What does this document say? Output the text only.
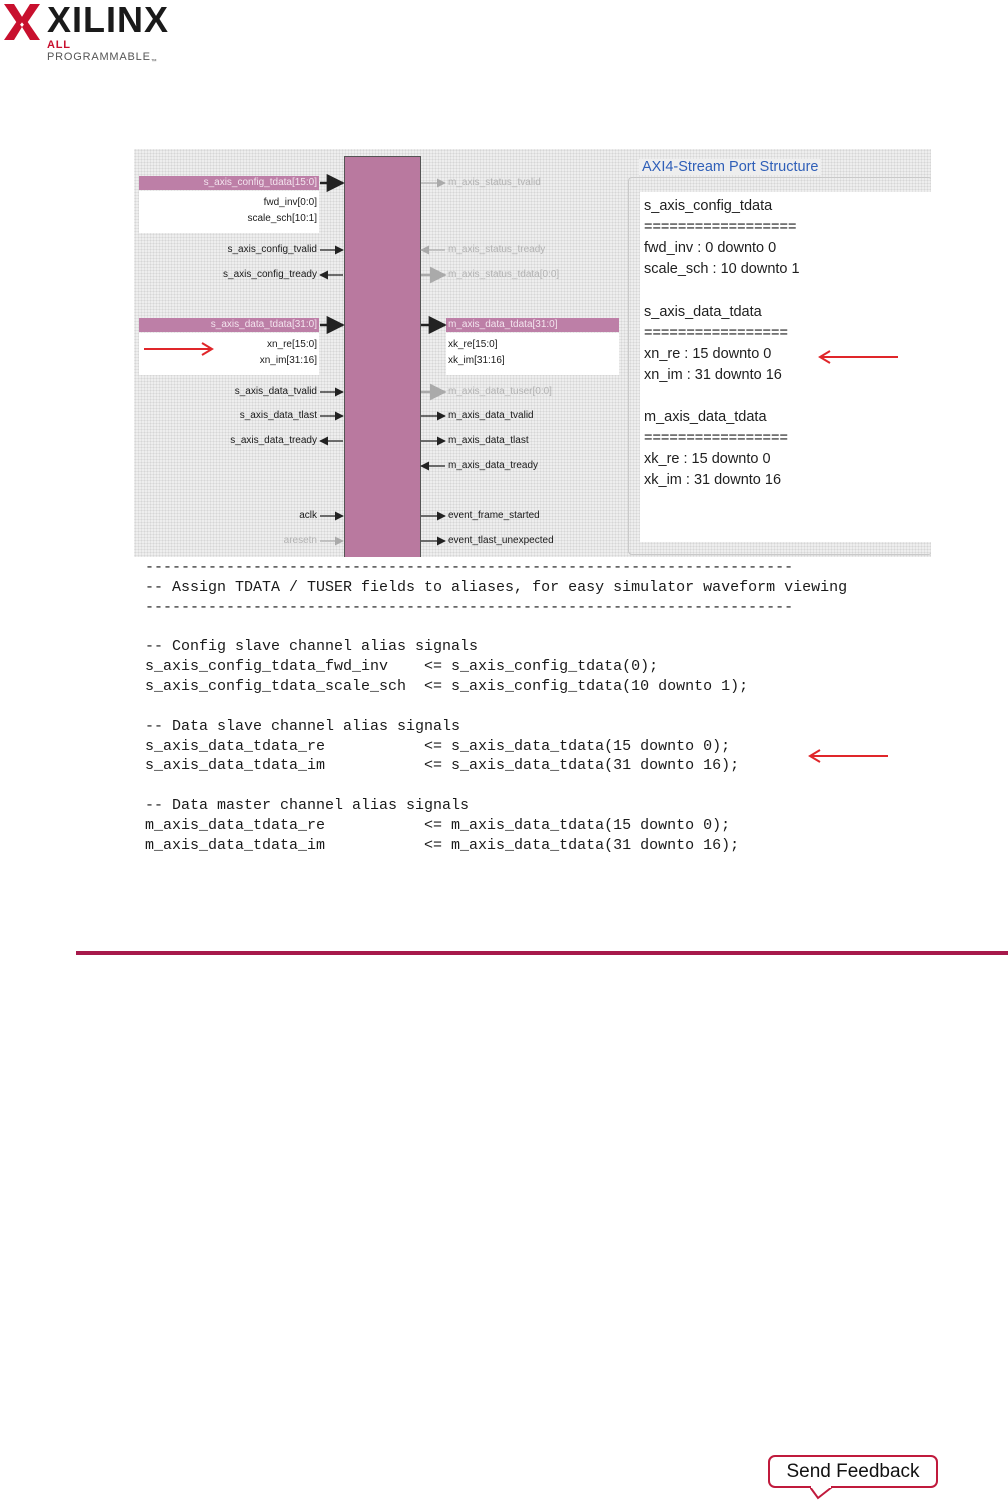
XILINX
ALL $PROGRAMMABLE_™$
s_axis_config_tdata[15:0]
fwd_inv[0:0]
scale_sch[10:1]
s_axis_config_tvalid
s_axis_config_tready
s_axis_data_tdata[31:0]
xn_re[15:0]
xn_im[31:16]
s_axis_data_tvalid
s_axis_data_tlast
s_axis_data_tready
aclk
aresetn
m_axis_status_tvalid
m_axis_status_tready
m_axis_status_tdata[0:0]
m_axis_data_tdata[31:0]
xk_re[15:0]
xk_im[31:16]
m_axis_data_tuser[0:0]
m_axis_data_tvalid
m_axis_data_tlast
m_axis_data_tready
event_frame_started
event_tlast_unexpected
AXI4-Stream Port Structure
s_axis_config_tdata
==================
fwd_inv : 0 downto 0
scale_sch : 10 downto 1
s_axis_data_tdata
=================
xn_re : 15 downto 0
xn_im : 31 downto 16
m_axis_data_tdata
=================
xk_re : 15 downto 0
xk_im : 31 downto 16
------------------------------------------------------------------------
-- Assign TDATA / TUSER fields to aliases, for easy simulator waveform viewing
------------------------------------------------------------------------

-- Config slave channel alias signals
s_axis_config_tdata_fwd_inv    <= s_axis_config_tdata(0);
s_axis_config_tdata_scale_sch  <= s_axis_config_tdata(10 downto 1);

-- Data slave channel alias signals
s_axis_data_tdata_re           <= s_axis_data_tdata(15 downto 0);
s_axis_data_tdata_im           <= s_axis_data_tdata(31 downto 16);

-- Data master channel alias signals
m_axis_data_tdata_re           <= m_axis_data_tdata(15 downto 0);
m_axis_data_tdata_im           <= m_axis_data_tdata(31 downto 16);
Send Feedback
